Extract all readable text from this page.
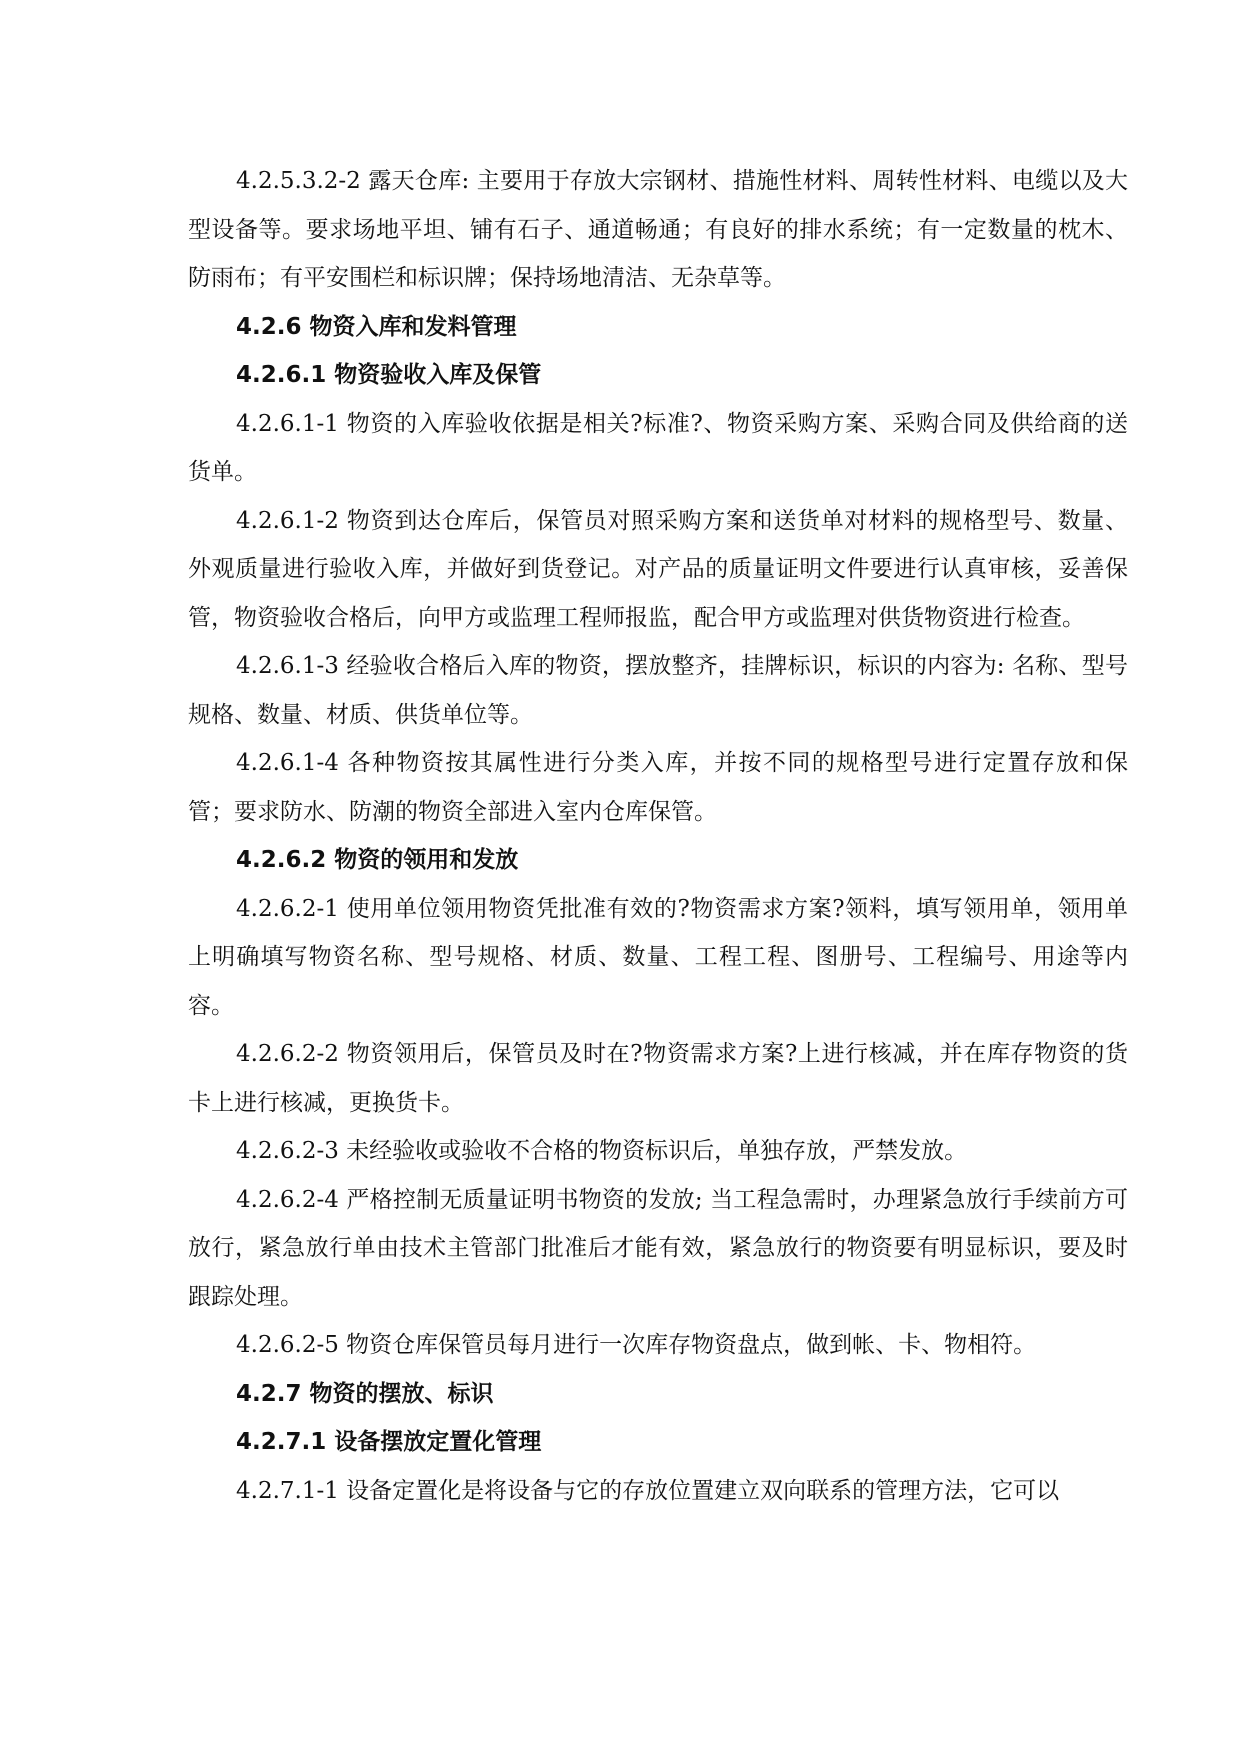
4.2.5.3.2-2 露天仓库: 主要用于存放大宗钢材、措施性材料、周转性材料、电缆以及大型设备等。要求场地平坦、铺有石子、通道畅通；有良好的排水系统；有一定数量的枕木、防雨布；有平安围栏和标识牌；保持场地清洁、无杂草等。

4.2.6 物资入库和发料管理

4.2.6.1 物资验收入库及保管

4.2.6.1-1 物资的入库验收依据是相关?标准?、物资采购方案、采购合同及供给商的送货单。

4.2.6.1-2 物资到达仓库后，保管员对照采购方案和送货单对材料的规格型号、数量、外观质量进行验收入库，并做好到货登记。对产品的质量证明文件要进行认真审核，妥善保管，物资验收合格后，向甲方或监理工程师报监，配合甲方或监理对供货物资进行检查。

4.2.6.1-3 经验收合格后入库的物资，摆放整齐，挂牌标识，标识的内容为: 名称、型号规格、数量、材质、供货单位等。

4.2.6.1-4 各种物资按其属性进行分类入库，并按不同的规格型号进行定置存放和保管；要求防水、防潮的物资全部进入室内仓库保管。

4.2.6.2 物资的领用和发放

4.2.6.2-1 使用单位领用物资凭批准有效的?物资需求方案?领料，填写领用单，领用单上明确填写物资名称、型号规格、材质、数量、工程工程、图册号、工程编号、用途等内容。

4.2.6.2-2 物资领用后，保管员及时在?物资需求方案?上进行核减，并在库存物资的货卡上进行核减，更换货卡。

4.2.6.2-3 未经验收或验收不合格的物资标识后，单独存放，严禁发放。

4.2.6.2-4 严格控制无质量证明书物资的发放; 当工程急需时，办理紧急放行手续前方可放行，紧急放行单由技术主管部门批准后才能有效，紧急放行的物资要有明显标识，要及时跟踪处理。

4.2.6.2-5 物资仓库保管员每月进行一次库存物资盘点，做到帐、卡、物相符。

4.2.7 物资的摆放、标识

4.2.7.1 设备摆放定置化管理

4.2.7.1-1 设备定置化是将设备与它的存放位置建立双向联系的管理方法，它可以
